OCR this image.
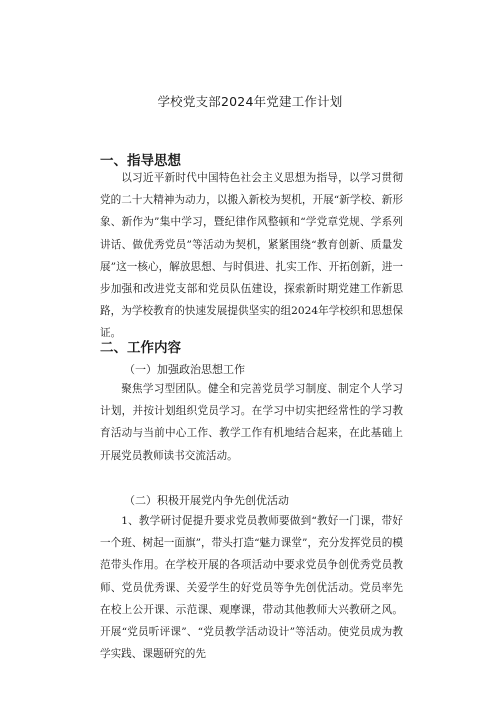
学校党支部2024年党建工作计划
一、指导思想

以习近平新时代中国特色社会主义思想为指导，以学习贯彻党的二十大精神为动力，以搬入新校为契机，开展“新学校、新形象、新作为”集中学习，暨纪律作风整顿和“学党章党规、学系列讲话、做优秀党员”等活动为契机，紧紧围绕“教育创新、质量发展”这一核心，解放思想、与时俱进、扎实工作、开拓创新，进一步加强和改进党支部和党员队伍建设，探索新时期党建工作新思路，为学校教育的快速发展提供坚实的组2024年学校织和思想保证。

二、工作内容
（一）加强政治思想工作

聚焦学习型团队。健全和完善党员学习制度、制定个人学习计划，并按计划组织党员学习。在学习中切实把经常性的学习教育活动与当前中心工作、教学工作有机地结合起来，在此基础上开展党员教师读书交流活动。

（二）积极开展党内争先创优活动

1、教学研讨促提升要求党员教师要做到“教好一门课，带好一个班、树起一面旗”，带头打造“魅力课堂”，充分发挥党员的模范带头作用。在学校开展的各项活动中要求党员争创优秀党员教师、党员优秀课、关爱学生的好党员等争先创优活动。党员率先在校上公开课、示范课、观摩课，带动其他教师大兴教研之风。开展“党员听评课”、“党员教学活动设计”等活动。使党员成为教学实践、课题研究的先
